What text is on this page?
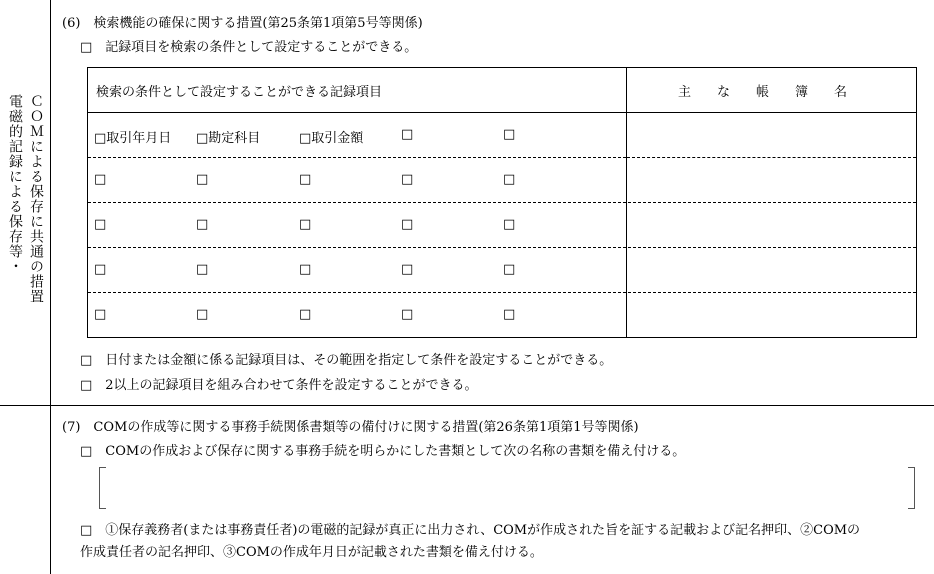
ＣＯＭによる保存に共通の措置
電磁的記録による保存等・
(6)　検索機能の確保に関する措置(第25条第1項第5号等関係)
□　記録項目を検索の条件として設定することができる。
検索の条件として設定することができる記録項目	主　　な　　帳　　簿　　名
□取引年月日 □勘定科目	□取引金額	□	□
□	□	□	□	□
□	□	□	□	□
□	□	□	□	□
□	□	□	□	□
□　日付または金額に係る記録項目は、その範囲を指定して条件を設定することができる。
□　2以上の記録項目を組み合わせて条件を設定することができる。
(7)　COMの作成等に関する事務手続関係書類等の備付けに関する措置(第26条第1項第1号等関係)
□　COMの作成および保存に関する事務手続を明らかにした書類として次の名称の書類を備え付ける。
□　①保存義務者(または事務責任者)の電磁的記録が真正に出力され、COMが作成された旨を証する記載および記名押印、②COMの
作成責任者の記名押印、③COMの作成年月日が記載された書類を備え付ける。
